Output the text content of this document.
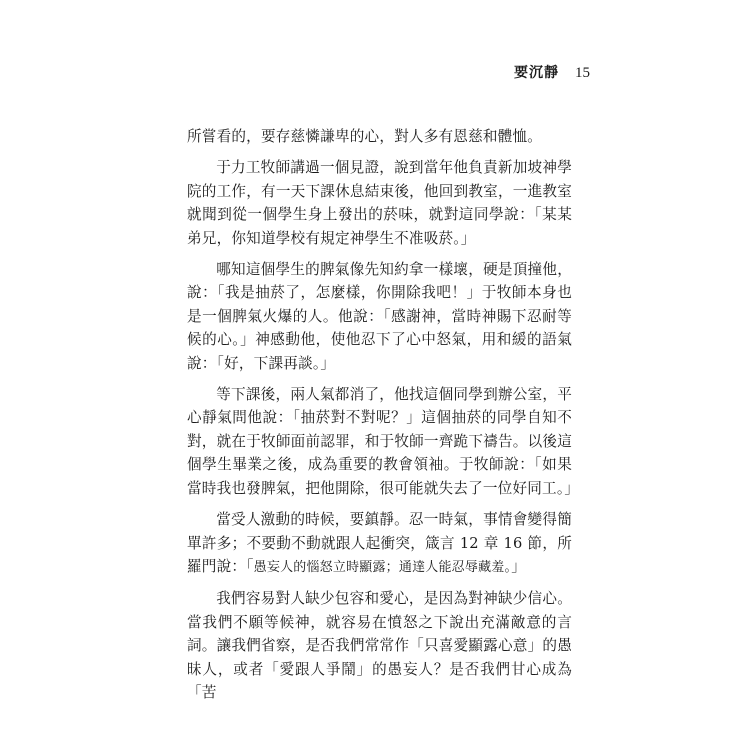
要沉靜 15

所嘗看的，要存慈憐謙卑的心，對人多有恩慈和體恤。

于力工牧師講過一個見證，說到當年他負責新加坡神學院的工作，有一天下課休息結束後，他回到教室，一進教室就聞到從一個學生身上發出的菸味，就對這同學說：「某某弟兄，你知道學校有規定神學生不准吸菸。」

哪知這個學生的脾氣像先知約拿一樣壞，硬是頂撞他，說：「我是抽菸了，怎麼樣，你開除我吧！」于牧師本身也是一個脾氣火爆的人。他說：「感謝神，當時神賜下忍耐等候的心。」神感動他，使他忍下了心中怒氣，用和緩的語氣說：「好，下課再談。」

等下課後，兩人氣都消了，他找這個同學到辦公室，平心靜氣問他說：「抽菸對不對呢？」這個抽菸的同學自知不對，就在于牧師面前認罪，和于牧師一齊跪下禱告。以後這個學生畢業之後，成為重要的教會領袖。于牧師說：「如果當時我也發脾氣，把他開除，很可能就失去了一位好同工。」

當受人激動的時候，要鎮靜。忍一時氣，事情會變得簡單許多；不要動不動就跟人起衝突，箴言 12 章 16 節，所羅門說：「愚妄人的惱怒立時顯露；通達人能忍辱藏羞。」

我們容易對人缺少包容和愛心，是因為對神缺少信心。當我們不願等候神，就容易在憤怒之下說出充滿敵意的言詞。讓我們省察，是否我們常常作「只喜愛顯露心意」的愚昧人，或者「愛跟人爭鬧」的愚妄人？是否我們甘心成為「苦
